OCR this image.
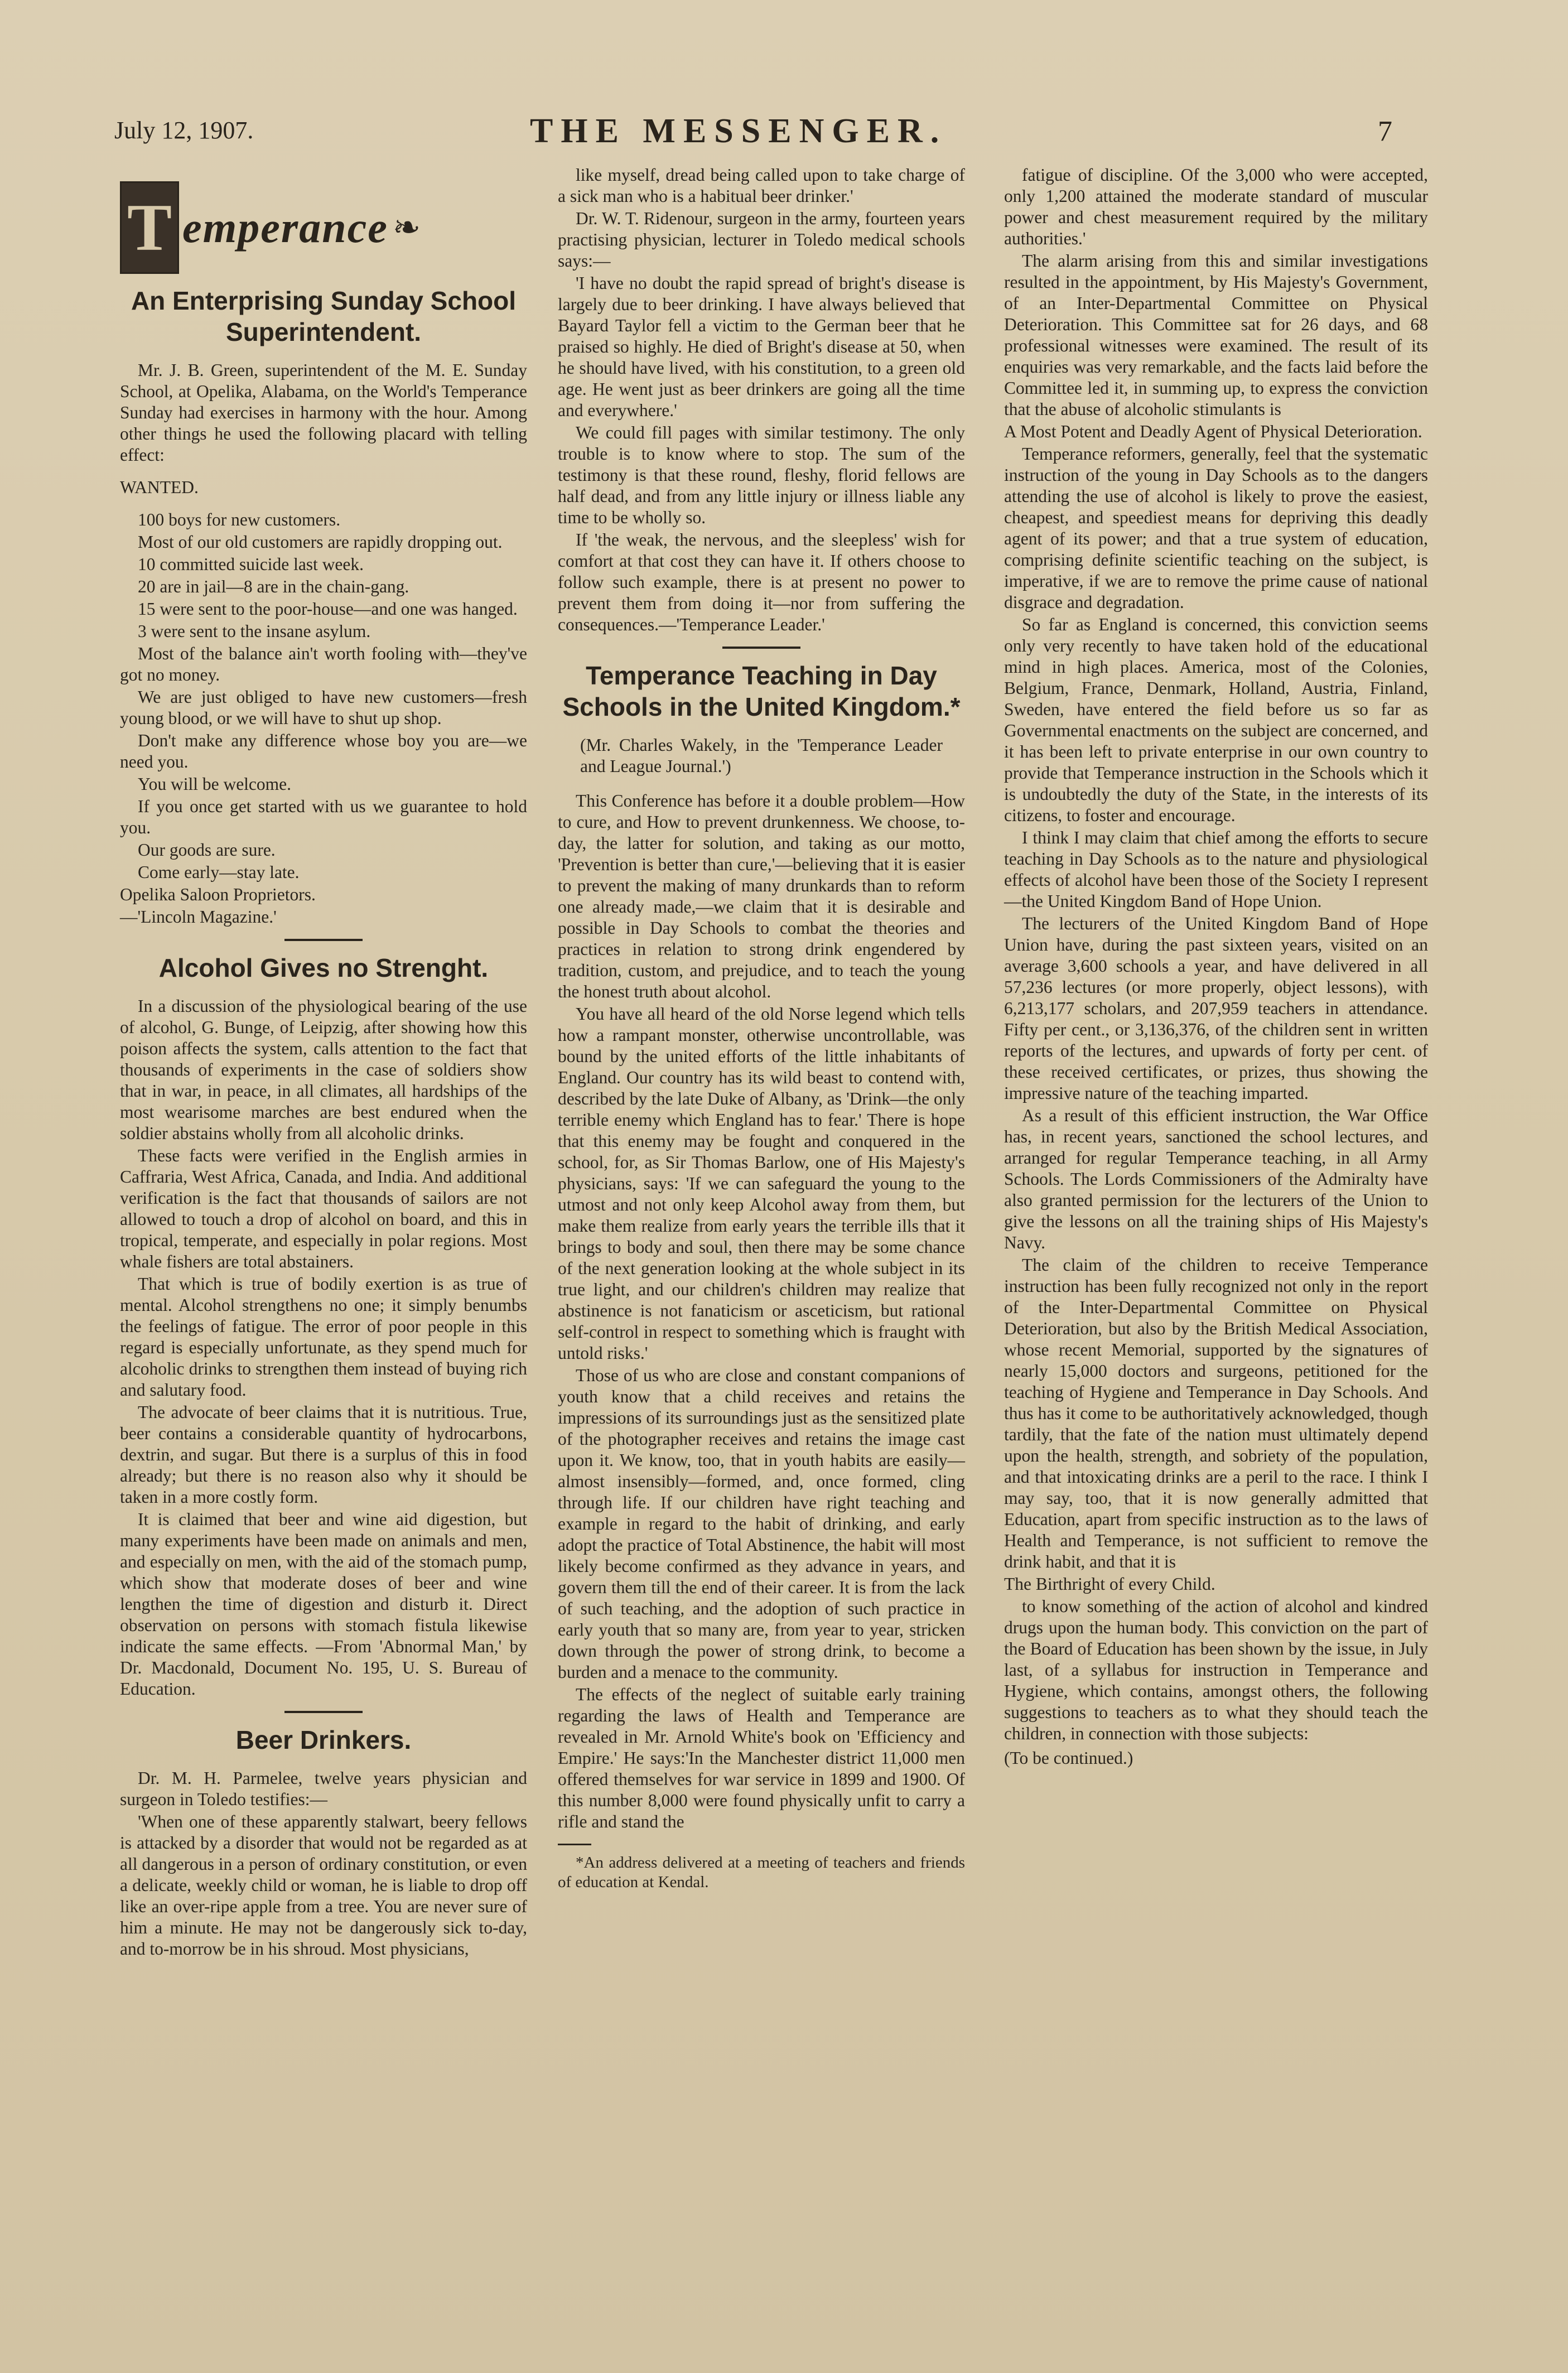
July 12, 1907.	THE MESSENGER.	7
T emperance ❧
An Enterprising Sunday School Superintendent.

Mr. J. B. Green, superintendent of the M. E. Sunday School, at Opelika, Alabama, on the World's Temperance Sunday had exercises in harmony with the hour. Among other things he used the following placard with telling effect:

WANTED.

100 boys for new customers.

Most of our old customers are rapidly dropping out.

10 committed suicide last week.

20 are in jail—8 are in the chain-gang.

15 were sent to the poor-house—and one was hanged.

3 were sent to the insane asylum.

Most of the balance ain't worth fooling with—they've got no money.

We are just obliged to have new customers—fresh young blood, or we will have to shut up shop.

Don't make any difference whose boy you are—we need you.

You will be welcome.

If you once get started with us we guarantee to hold you.

Our goods are sure.

Come early—stay late.

Opelika Saloon Proprietors.

—'Lincoln Magazine.'

Alcohol Gives no Strenght.

In a discussion of the physiological bearing of the use of alcohol, G. Bunge, of Leipzig, after showing how this poison affects the system, calls attention to the fact that thousands of experiments in the case of soldiers show that in war, in peace, in all climates, all hardships of the most wearisome marches are best endured when the soldier abstains wholly from all alcoholic drinks.

These facts were verified in the English armies in Caffraria, West Africa, Canada, and India. And additional verification is the fact that thousands of sailors are not allowed to touch a drop of alcohol on board, and this in tropical, temperate, and especially in polar regions. Most whale fishers are total abstainers.

That which is true of bodily exertion is as true of mental. Alcohol strengthens no one; it simply benumbs the feelings of fatigue. The error of poor people in this regard is especially unfortunate, as they spend much for alcoholic drinks to strengthen them instead of buying rich and salutary food.

The advocate of beer claims that it is nutritious. True, beer contains a considerable quantity of hydrocarbons, dextrin, and sugar. But there is a surplus of this in food already; but there is no reason also why it should be taken in a more costly form.

It is claimed that beer and wine aid digestion, but many experiments have been made on animals and men, and especially on men, with the aid of the stomach pump, which show that moderate doses of beer and wine lengthen the time of digestion and disturb it. Direct observation on persons with stomach fistula likewise indicate the same effects. —From 'Abnormal Man,' by Dr. Macdonald, Document No. 195, U. S. Bureau of Education.

Beer Drinkers.

Dr. M. H. Parmelee, twelve years physician and surgeon in Toledo testifies:—

'When one of these apparently stalwart, beery fellows is attacked by a disorder that would not be regarded as at all dangerous in a person of ordinary constitution, or even a delicate, weekly child or woman, he is liable to drop off like an over-ripe apple from a tree. You are never sure of him a minute. He may not be dangerously sick to-day, and to-morrow be in his shroud. Most physicians,

like myself, dread being called upon to take charge of a sick man who is a habitual beer drinker.'

Dr. W. T. Ridenour, surgeon in the army, fourteen years practising physician, lecturer in Toledo medical schools says:—

'I have no doubt the rapid spread of bright's disease is largely due to beer drinking. I have always believed that Bayard Taylor fell a victim to the German beer that he praised so highly. He died of Bright's disease at 50, when he should have lived, with his constitution, to a green old age. He went just as beer drinkers are going all the time and everywhere.'

We could fill pages with similar testimony. The only trouble is to know where to stop. The sum of the testimony is that these round, fleshy, florid fellows are half dead, and from any little injury or illness liable any time to be wholly so.

If 'the weak, the nervous, and the sleepless' wish for comfort at that cost they can have it. If others choose to follow such example, there is at present no power to prevent them from doing it—nor from suffering the consequences.—'Temperance Leader.'

Temperance Teaching in Day Schools in the United Kingdom.*

(Mr. Charles Wakely, in the 'Temperance Leader and League Journal.')

This Conference has before it a double problem—How to cure, and How to prevent drunkenness. We choose, to-day, the latter for solution, and taking as our motto, 'Prevention is better than cure,'—believing that it is easier to prevent the making of many drunkards than to reform one already made,—we claim that it is desirable and possible in Day Schools to combat the theories and practices in relation to strong drink engendered by tradition, custom, and prejudice, and to teach the young the honest truth about alcohol.

You have all heard of the old Norse legend which tells how a rampant monster, otherwise uncontrollable, was bound by the united efforts of the little inhabitants of England. Our country has its wild beast to contend with, described by the late Duke of Albany, as 'Drink—the only terrible enemy which England has to fear.' There is hope that this enemy may be fought and conquered in the school, for, as Sir Thomas Barlow, one of His Majesty's physicians, says: 'If we can safeguard the young to the utmost and not only keep Alcohol away from them, but make them realize from early years the terrible ills that it brings to body and soul, then there may be some chance of the next generation looking at the whole subject in its true light, and our children's children may realize that abstinence is not fanaticism or asceticism, but rational self-control in respect to something which is fraught with untold risks.'

Those of us who are close and constant companions of youth know that a child receives and retains the impressions of its surroundings just as the sensitized plate of the photographer receives and retains the image cast upon it. We know, too, that in youth habits are easily—almost insensibly—formed, and, once formed, cling through life. If our children have right teaching and example in regard to the habit of drinking, and early adopt the practice of Total Abstinence, the habit will most likely become confirmed as they advance in years, and govern them till the end of their career. It is from the lack of such teaching, and the adoption of such practice in early youth that so many are, from year to year, stricken down through the power of strong drink, to become a burden and a menace to the community.

The effects of the neglect of suitable early training regarding the laws of Health and Temperance are revealed in Mr. Arnold White's book on 'Efficiency and Empire.' He says:'In the Manchester district 11,000 men offered themselves for war service in 1899 and 1900. Of this number 8,000 were found physically unfit to carry a rifle and stand the

*An address delivered at a meeting of teachers and friends of education at Kendal.

fatigue of discipline. Of the 3,000 who were accepted, only 1,200 attained the moderate standard of muscular power and chest measurement required by the military authorities.'

The alarm arising from this and similar investigations resulted in the appointment, by His Majesty's Government, of an Inter-Departmental Committee on Physical Deterioration. This Committee sat for 26 days, and 68 professional witnesses were examined. The result of its enquiries was very remarkable, and the facts laid before the Committee led it, in summing up, to express the conviction that the abuse of alcoholic stimulants is

A Most Potent and Deadly Agent of Physical Deterioration.

Temperance reformers, generally, feel that the systematic instruction of the young in Day Schools as to the dangers attending the use of alcohol is likely to prove the easiest, cheapest, and speediest means for depriving this deadly agent of its power; and that a true system of education, comprising definite scientific teaching on the subject, is imperative, if we are to remove the prime cause of national disgrace and degradation.

So far as England is concerned, this conviction seems only very recently to have taken hold of the educational mind in high places. America, most of the Colonies, Belgium, France, Denmark, Holland, Austria, Finland, Sweden, have entered the field before us so far as Governmental enactments on the subject are concerned, and it has been left to private enterprise in our own country to provide that Temperance instruction in the Schools which it is undoubtedly the duty of the State, in the interests of its citizens, to foster and encourage.

I think I may claim that chief among the efforts to secure teaching in Day Schools as to the nature and physiological effects of alcohol have been those of the Society I represent—the United Kingdom Band of Hope Union.

The lecturers of the United Kingdom Band of Hope Union have, during the past sixteen years, visited on an average 3,600 schools a year, and have delivered in all 57,236 lectures (or more properly, object lessons), with 6,213,177 scholars, and 207,959 teachers in attendance. Fifty per cent., or 3,136,376, of the children sent in written reports of the lectures, and upwards of forty per cent. of these received certificates, or prizes, thus showing the impressive nature of the teaching imparted.

As a result of this efficient instruction, the War Office has, in recent years, sanctioned the school lectures, and arranged for regular Temperance teaching, in all Army Schools. The Lords Commissioners of the Admiralty have also granted permission for the lecturers of the Union to give the lessons on all the training ships of His Majesty's Navy.

The claim of the children to receive Temperance instruction has been fully recognized not only in the report of the Inter-Departmental Committee on Physical Deterioration, but also by the British Medical Association, whose recent Memorial, supported by the signatures of nearly 15,000 doctors and surgeons, petitioned for the teaching of Hygiene and Temperance in Day Schools. And thus has it come to be authoritatively acknowledged, though tardily, that the fate of the nation must ultimately depend upon the health, strength, and sobriety of the population, and that intoxicating drinks are a peril to the race. I think I may say, too, that it is now generally admitted that Education, apart from specific instruction as to the laws of Health and Temperance, is not sufficient to remove the drink habit, and that it is

The Birthright of every Child.

to know something of the action of alcohol and kindred drugs upon the human body. This conviction on the part of the Board of Education has been shown by the issue, in July last, of a syllabus for instruction in Temperance and Hygiene, which contains, amongst others, the following suggestions to teachers as to what they should teach the children, in connection with those subjects:

(To be continued.)
